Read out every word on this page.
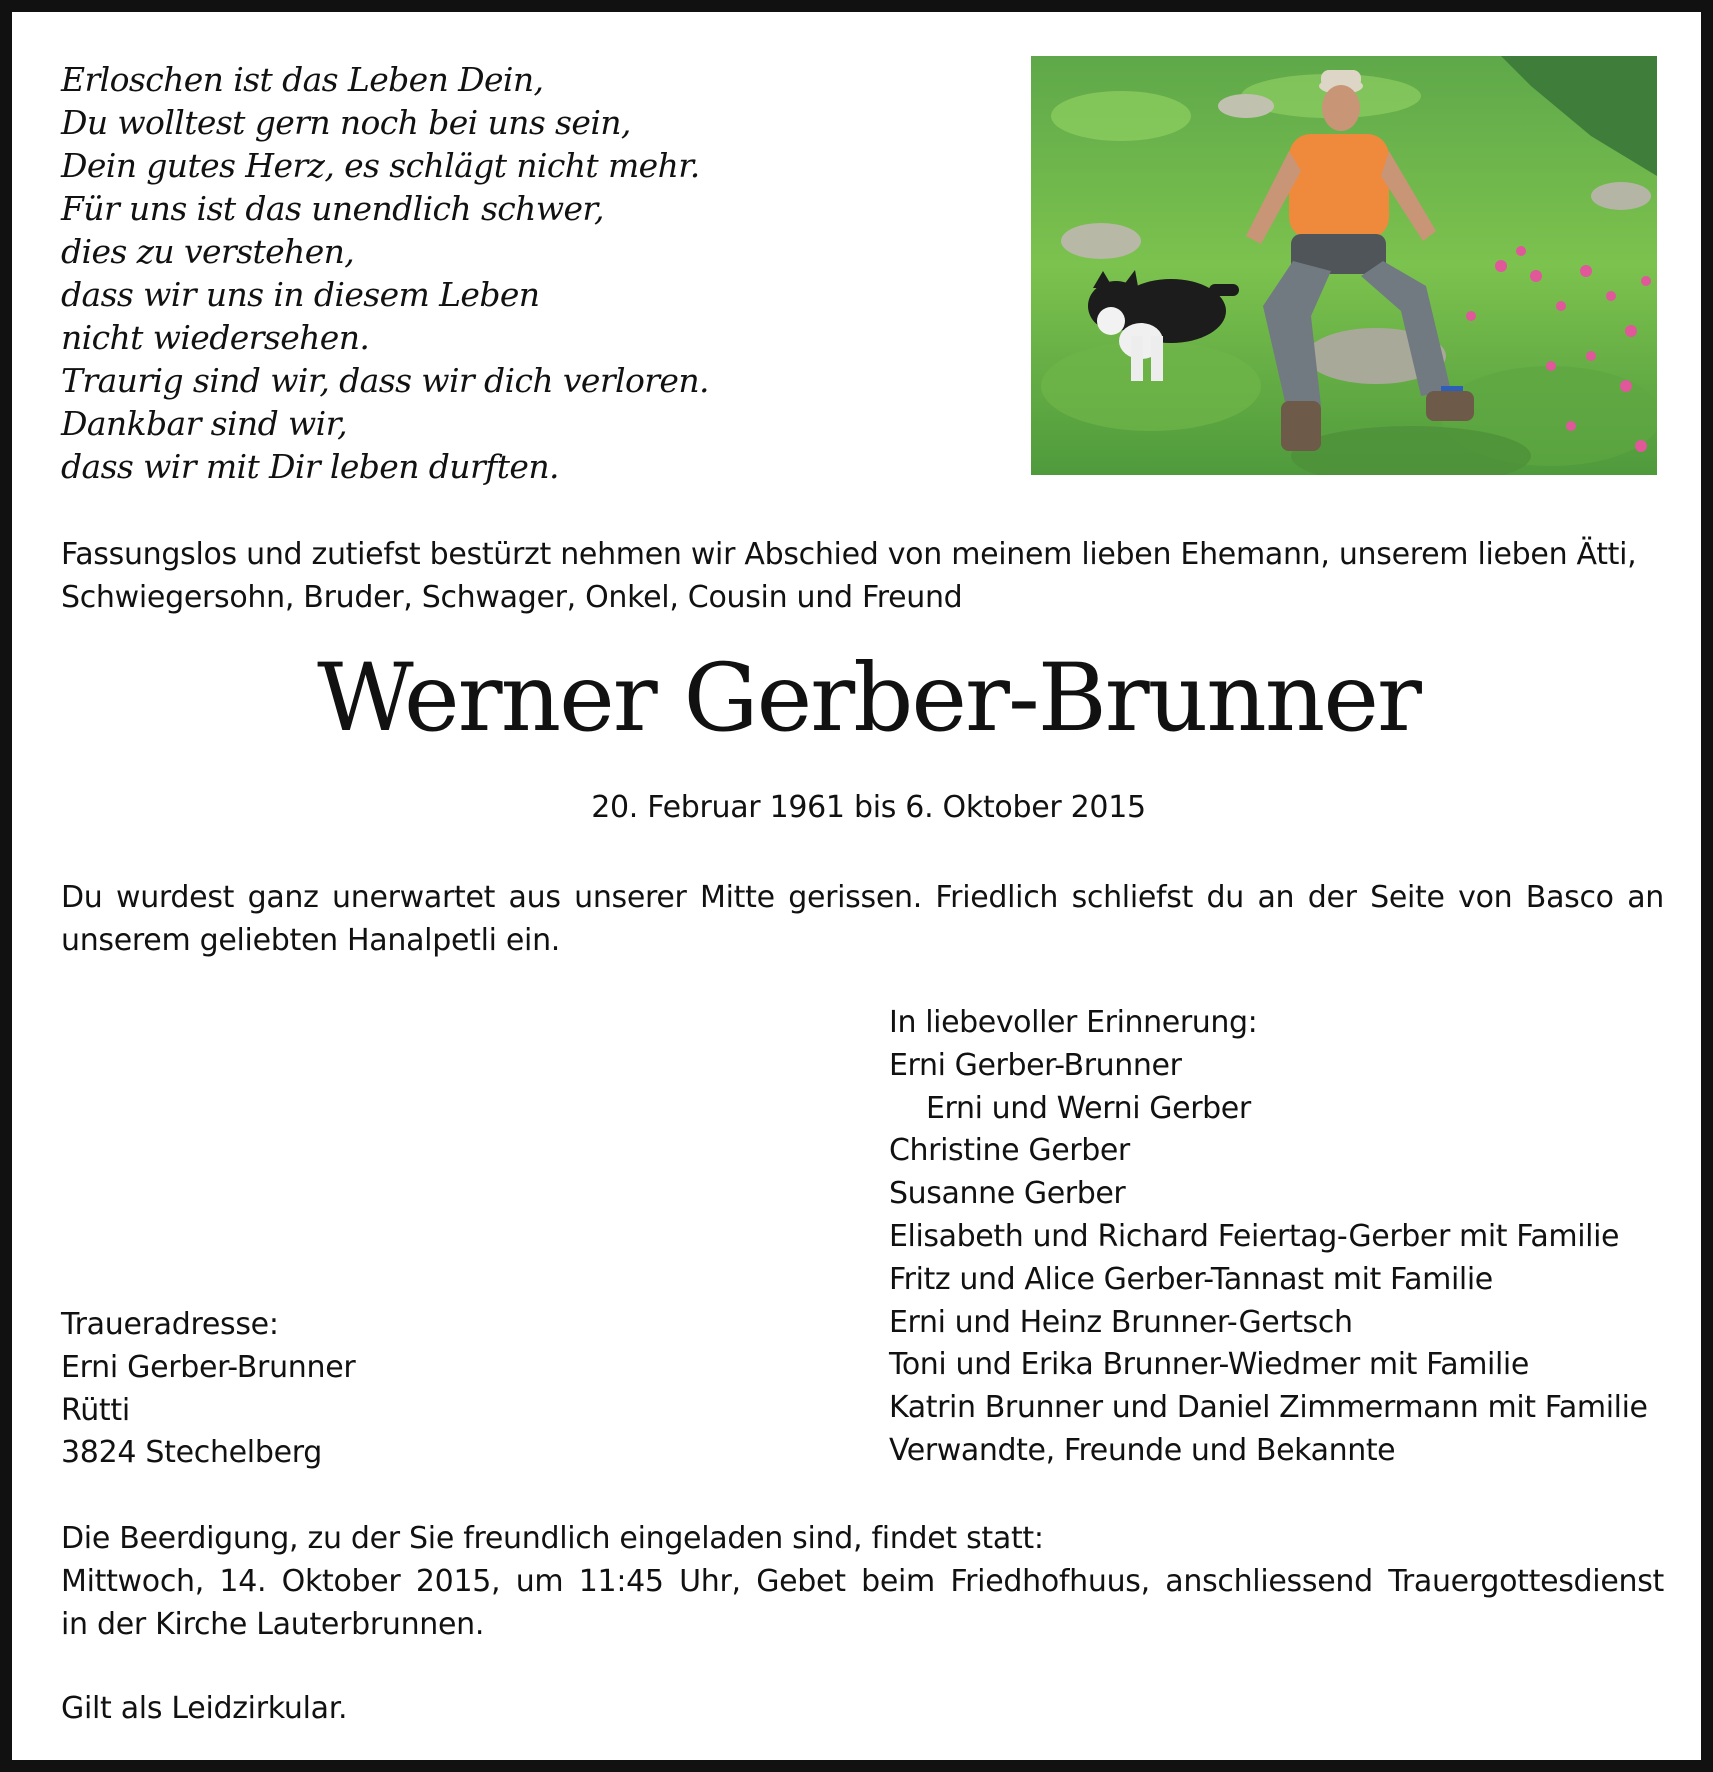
Erloschen ist das Leben Dein,
Du wolltest gern noch bei uns sein,
Dein gutes Herz, es schlägt nicht mehr.
Für uns ist das unendlich schwer,
dies zu verstehen,
dass wir uns in diesem Leben
nicht wiedersehen.
Traurig sind wir, dass wir dich verloren.
Dankbar sind wir,
dass wir mit Dir leben durften.
Fassungslos und zutiefst bestürzt nehmen wir Abschied von meinem lieben Ehemann, unserem lieben Ätti,
Schwiegersohn, Bruder, Schwager, Onkel, Cousin und Freund
Werner Gerber-Brunner
20. Februar 1961 bis 6. Oktober 2015
Du wurdest ganz unerwartet aus unserer Mitte gerissen. Friedlich schliefst du an der Seite von Basco an
unserem geliebten Hanalpetli ein.
In liebevoller Erinnerung:
Erni Gerber-Brunner
Erni und Werni Gerber
Christine Gerber
Susanne Gerber
Elisabeth und Richard Feiertag-Gerber mit Familie
Fritz und Alice Gerber-Tannast mit Familie
Erni und Heinz Brunner-Gertsch
Toni und Erika Brunner-Wiedmer mit Familie
Katrin Brunner und Daniel Zimmermann mit Familie
Verwandte, Freunde und Bekannte
Traueradresse:
Erni Gerber-Brunner
Rütti
3824 Stechelberg
Die Beerdigung, zu der Sie freundlich eingeladen sind, findet statt:
Mittwoch, 14. Oktober 2015, um 11:45 Uhr, Gebet beim Friedhofhuus, anschliessend Trauergottesdienst
in der Kirche Lauterbrunnen.
Gilt als Leidzirkular.
